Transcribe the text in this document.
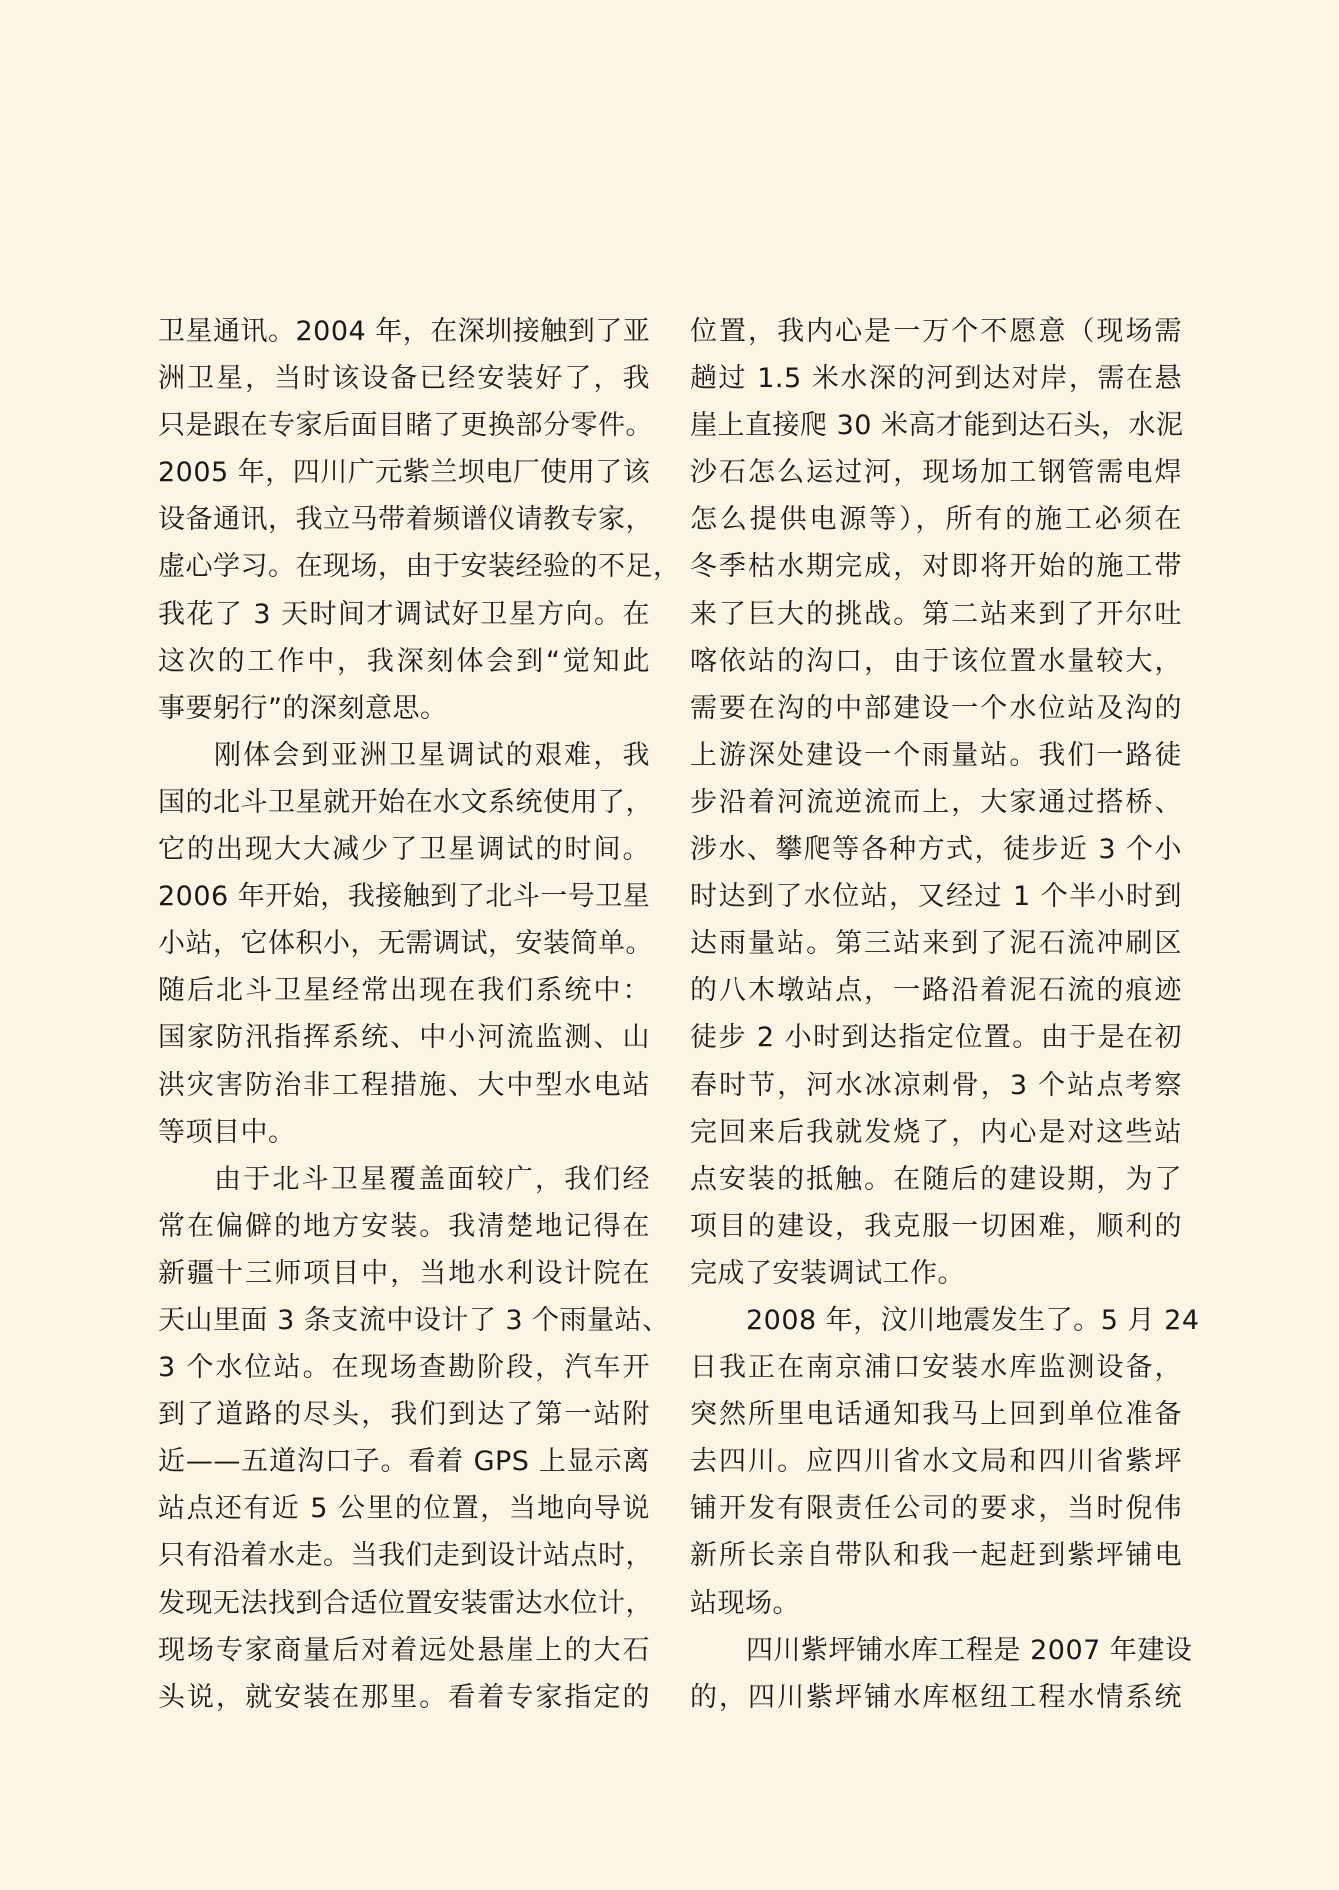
卫星通讯。2004 年，在深圳接触到了亚
洲卫星，当时该设备已经安装好了，我
只是跟在专家后面目睹了更换部分零件。
2005 年，四川广元紫兰坝电厂使用了该
设备通讯，我立马带着频谱仪请教专家，
虚心学习。在现场，由于安装经验的不足，
我花了 3 天时间才调试好卫星方向。在
这次的工作中，我深刻体会到“觉知此
事要躬行”的深刻意思。
刚体会到亚洲卫星调试的艰难，我
国的北斗卫星就开始在水文系统使用了，
它的出现大大减少了卫星调试的时间。
2006 年开始，我接触到了北斗一号卫星
小站，它体积小，无需调试，安装简单。
随后北斗卫星经常出现在我们系统中：
国家防汛指挥系统、中小河流监测、山
洪灾害防治非工程措施、大中型水电站
等项目中。
由于北斗卫星覆盖面较广，我们经
常在偏僻的地方安装。我清楚地记得在
新疆十三师项目中，当地水利设计院在
天山里面 3 条支流中设计了 3 个雨量站、
3 个水位站。在现场查勘阶段，汽车开
到了道路的尽头，我们到达了第一站附
近——五道沟口子。看着 GPS 上显示离
站点还有近 5 公里的位置，当地向导说
只有沿着水走。当我们走到设计站点时，
发现无法找到合适位置安装雷达水位计，
现场专家商量后对着远处悬崖上的大石
头说，就安装在那里。看着专家指定的
位置，我内心是一万个不愿意（现场需
趟过 1.5 米水深的河到达对岸，需在悬
崖上直接爬 30 米高才能到达石头，水泥
沙石怎么运过河，现场加工钢管需电焊
怎么提供电源等），所有的施工必须在
冬季枯水期完成，对即将开始的施工带
来了巨大的挑战。第二站来到了开尔吐
喀依站的沟口，由于该位置水量较大，
需要在沟的中部建设一个水位站及沟的
上游深处建设一个雨量站。我们一路徒
步沿着河流逆流而上，大家通过搭桥、
涉水、攀爬等各种方式，徒步近 3 个小
时达到了水位站，又经过 1 个半小时到
达雨量站。第三站来到了泥石流冲刷区
的八木墩站点，一路沿着泥石流的痕迹
徒步 2 小时到达指定位置。由于是在初
春时节，河水冰凉刺骨，3 个站点考察
完回来后我就发烧了，内心是对这些站
点安装的抵触。在随后的建设期，为了
项目的建设，我克服一切困难，顺利的
完成了安装调试工作。
2008 年，汶川地震发生了。5 月 24
日我正在南京浦口安装水库监测设备，
突然所里电话通知我马上回到单位准备
去四川。应四川省水文局和四川省紫坪
铺开发有限责任公司的要求，当时倪伟
新所长亲自带队和我一起赶到紫坪铺电
站现场。
四川紫坪铺水库工程是 2007 年建设
的，四川紫坪铺水库枢纽工程水情系统
